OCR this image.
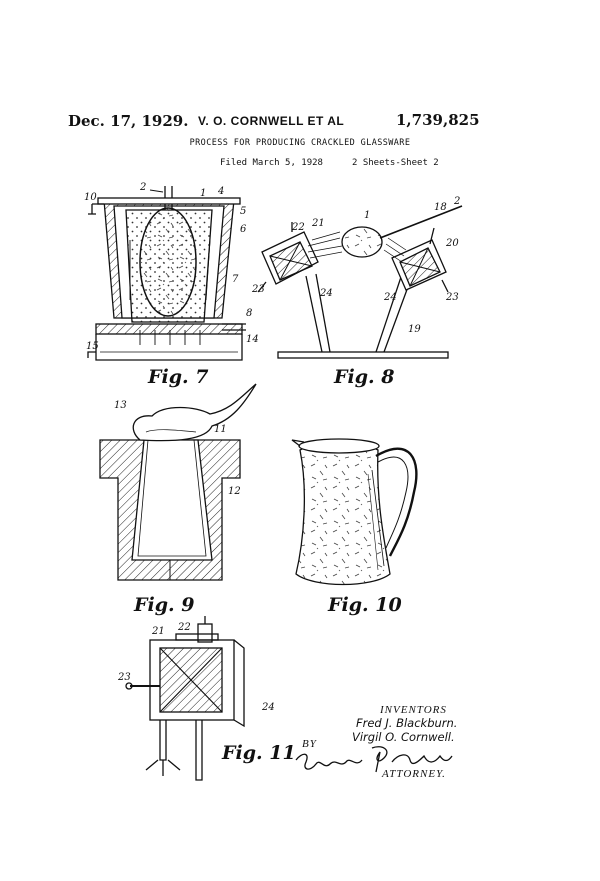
Dec. 17, 1929. V. O. CORNWELL ET AL	1,739,825
PROCESS FOR PRODUCING CRACKLED GLASSWARE
Filed March 5, 1928	2 Sheets-Sheet 2
10
2
1 4
5
6
7
8
14
15
18
2
1
22 21
20
23	24	24	23
19
13
11
12
21 22
23
24
Fig. 7	Fig. 8
Fig. 9	Fig. 10
Fig. 11
INVENTORS
Fred J. Blackburn.
Virgil O. Cornwell.
BY
ATTORNEY.
